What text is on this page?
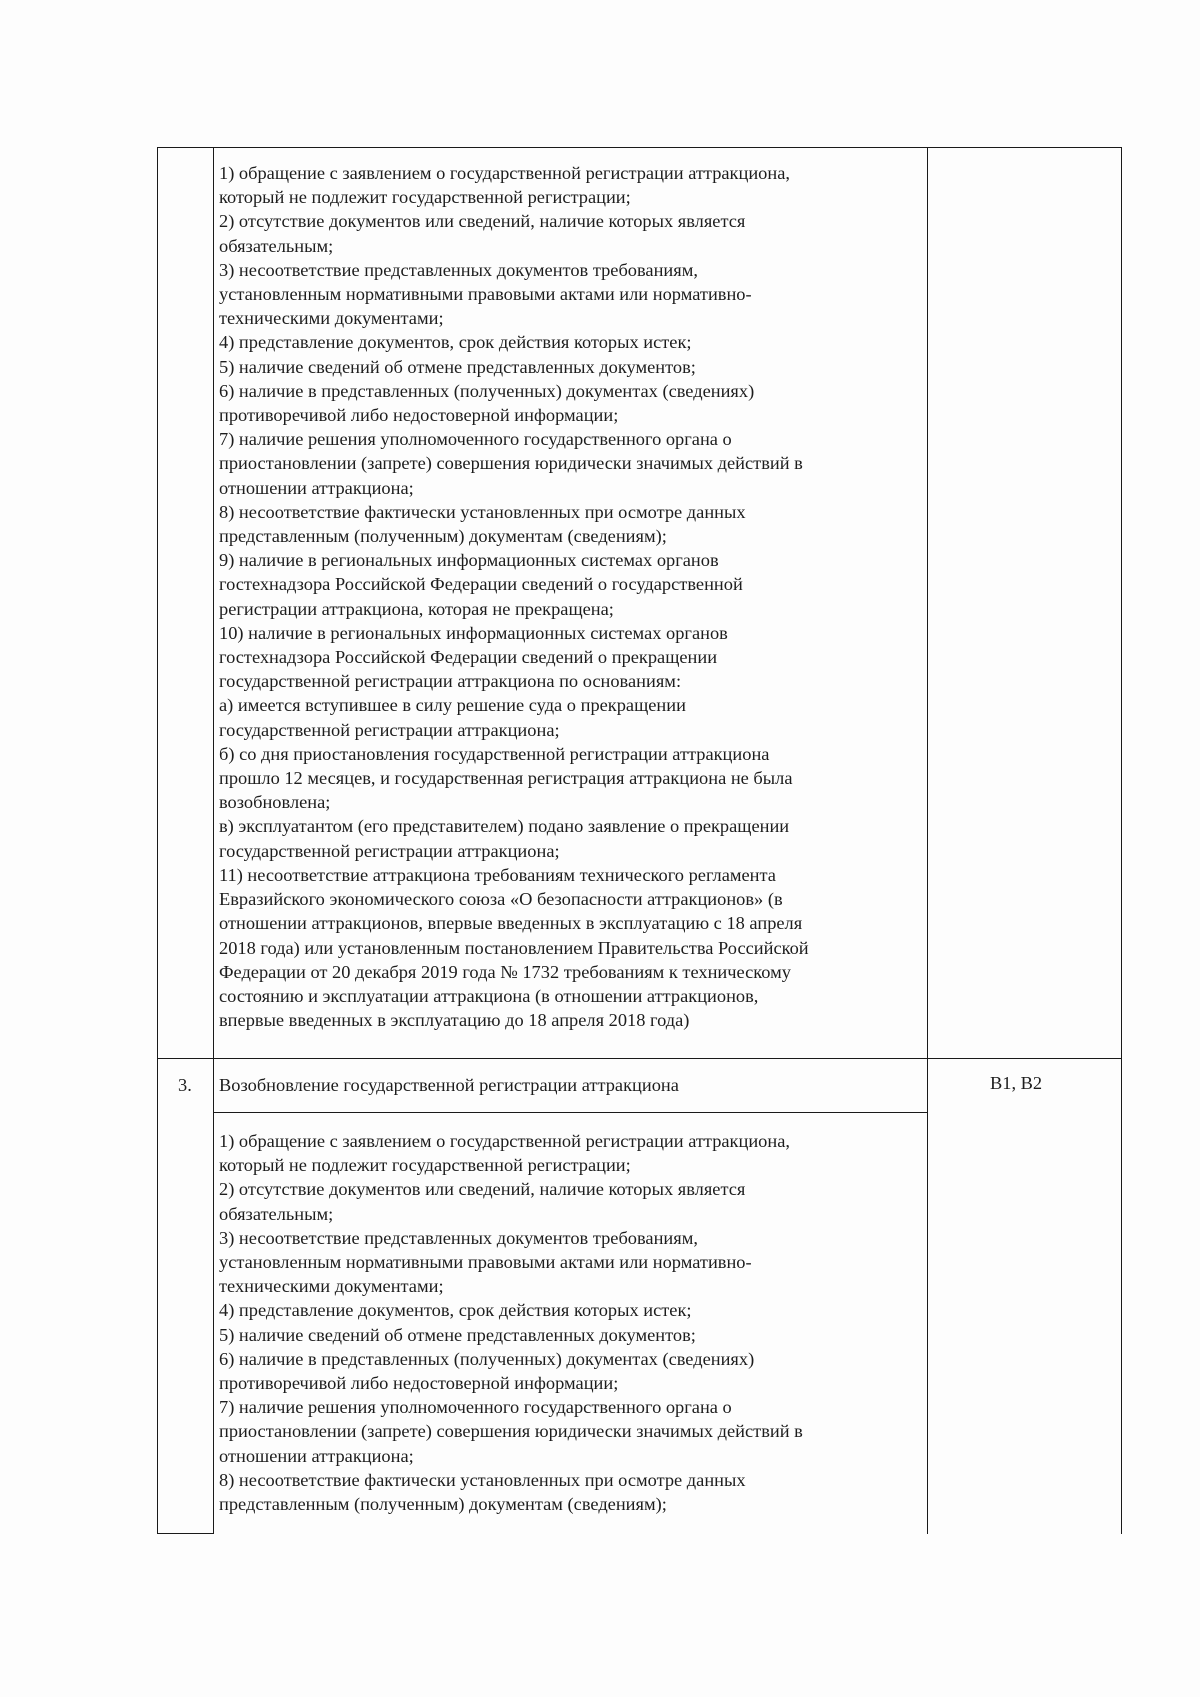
1) обращение с заявлением о государственной регистрации аттракциона,
который не подлежит государственной регистрации;
2) отсутствие документов или сведений, наличие которых является
обязательным;
3) несоответствие представленных документов требованиям,
установленным нормативными правовыми актами или нормативно-
техническими документами;
4) представление документов, срок действия которых истек;
5) наличие сведений об отмене представленных документов;
6) наличие в представленных (полученных) документах (сведениях)
противоречивой либо недостоверной информации;
7) наличие решения уполномоченного государственного органа о
приостановлении (запрете) совершения юридически значимых действий в
отношении аттракциона;
8) несоответствие фактически установленных при осмотре данных
представленным (полученным) документам (сведениям);
9) наличие в региональных информационных системах органов
гостехнадзора Российской Федерации сведений о государственной
регистрации аттракциона, которая не прекращена;
10) наличие в региональных информационных системах органов
гостехнадзора Российской Федерации сведений о прекращении
государственной регистрации аттракциона по основаниям:
а) имеется вступившее в силу решение суда о прекращении
государственной регистрации аттракциона;
б) со дня приостановления государственной регистрации аттракциона
прошло 12 месяцев, и государственная регистрация аттракциона не была
возобновлена;
в) эксплуатантом (его представителем) подано заявление о прекращении
государственной регистрации аттракциона;
11) несоответствие аттракциона требованиям технического регламента
Евразийского экономического союза «О безопасности аттракционов» (в
отношении аттракционов, впервые введенных в эксплуатацию с 18 апреля
2018 года) или установленным постановлением Правительства Российской
Федерации от 20 декабря 2019 года № 1732 требованиям к техническому
состоянию и эксплуатации аттракциона (в отношении аттракционов,
впервые введенных в эксплуатацию до 18 апреля 2018 года)
3. Возобновление государственной регистрации аттракциона	В1, В2
1) обращение с заявлением о государственной регистрации аттракциона,
который не подлежит государственной регистрации;
2) отсутствие документов или сведений, наличие которых является
обязательным;
3) несоответствие представленных документов требованиям,
установленным нормативными правовыми актами или нормативно-
техническими документами;
4) представление документов, срок действия которых истек;
5) наличие сведений об отмене представленных документов;
6) наличие в представленных (полученных) документах (сведениях)
противоречивой либо недостоверной информации;
7) наличие решения уполномоченного государственного органа о
приостановлении (запрете) совершения юридически значимых действий в
отношении аттракциона;
8) несоответствие фактически установленных при осмотре данных
представленным (полученным) документам (сведениям);
